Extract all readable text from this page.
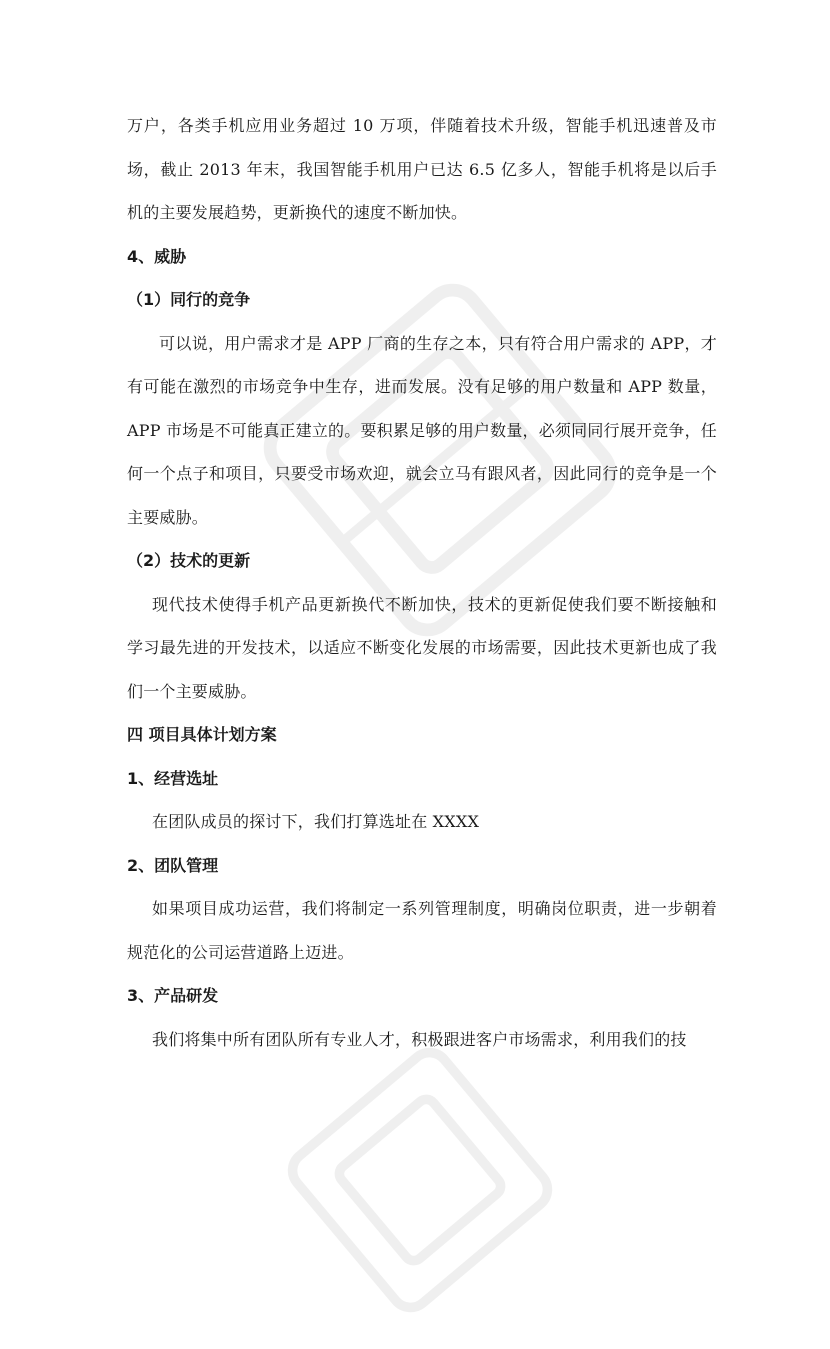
万户，各类手机应用业务超过 10 万项，伴随着技术升级，智能手机迅速普及市场，截止 2013 年末，我国智能手机用户已达 6.5 亿多人，智能手机将是以后手机的主要发展趋势，更新换代的速度不断加快。

4、威胁
（1）同行的竞争

可以说，用户需求才是 APP 厂商的生存之本，只有符合用户需求的 APP，才有可能在激烈的市场竞争中生存，进而发展。没有足够的用户数量和 APP 数量，APP 市场是不可能真正建立的。要积累足够的用户数量，必须同同行展开竞争，任何一个点子和项目，只要受市场欢迎，就会立马有跟风者，因此同行的竞争是一个主要威胁。

（2）技术的更新

现代技术使得手机产品更新换代不断加快，技术的更新促使我们要不断接触和学习最先进的开发技术，以适应不断变化发展的市场需要，因此技术更新也成了我们一个主要威胁。

四 项目具体计划方案
1、经营选址

在团队成员的探讨下，我们打算选址在 XXXX

2、团队管理

如果项目成功运营，我们将制定一系列管理制度，明确岗位职责，进一步朝着规范化的公司运营道路上迈进。

3、产品研发

我们将集中所有团队所有专业人才，积极跟进客户市场需求，利用我们的技
